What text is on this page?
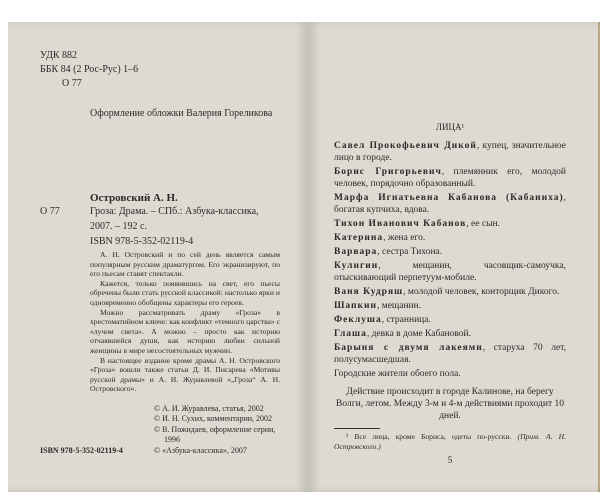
УДК 882
ББК 84 (2 Рос-Рус) 1–6
О 77
Оформление обложки Валерия Гореликова
Островский А. Н.
О 77	Гроза: Драма. – СПб.: Азбука-классика,
2007. – 192 с.
ISBN 978-5-352-02119-4

А. Н. Островский и по сей день является самым популярным русским драматургом. Его экранизируют, по его пьесам ставят спектакли.

Кажется, только появившись на свет, его пьесы обречены были стать русской классикой: настолько ярки и одновременно обобщены характеры его героев.

Можно рассматривать драму «Гроза» в хрестоматийном ключе: как конфликт «темного царства» с «лучом света». А можно – просто как историю отчаявшейся души, как историю любви сильной женщины в мире несостоятельных мужчин.

В настоящее издание кроме драмы А. Н. Островского «Гроза» вошли также статьи Д. И. Писарева «Мотивы русской драмы» и А. И. Журавлевой «„Гроза“ А. Н. Островского».

ISBN 978-5-352-02119-4
© А. И. Журавлева, статья, 2002
© И. Н. Сухих, комментарии, 2002
© В. Пожидаев, оформление серии,
1996
© «Азбука-классика», 2007
ЛИЦА¹

Савел Прокофьевич Дикой, купец, значительное лицо в городе.

Борис Григорьевич, племянник его, молодой человек, порядочно образованный.

Марфа Игнатьевна Кабанова (Кабаниха), богатая купчиха, вдова.

Тихон Иванович Кабанов, ее сын.

Катерина, жена его.

Варвара, сестра Тихона.

Кулигин, мещанин, часовщик-самоучка, отыскивающий перпетуум-мобиле.

Ваня Кудряш, молодой человек, конторщик Дикого.

Шапкин, мещанин.

Феклуша, странница.

Глаша, девка в доме Кабановой.

Барыня с двумя лакеями, старуха 70 лет, полусумасшедшая.

Городские жители обоего пола.

Действие происходит в городе Калинове, на берегу Волги, летом. Между 3-м и 4-м действиями проходит 10 дней.
¹ Все лица, кроме Бориса, одеты по-русски. (Прим. А. Н. Островского.)
5
